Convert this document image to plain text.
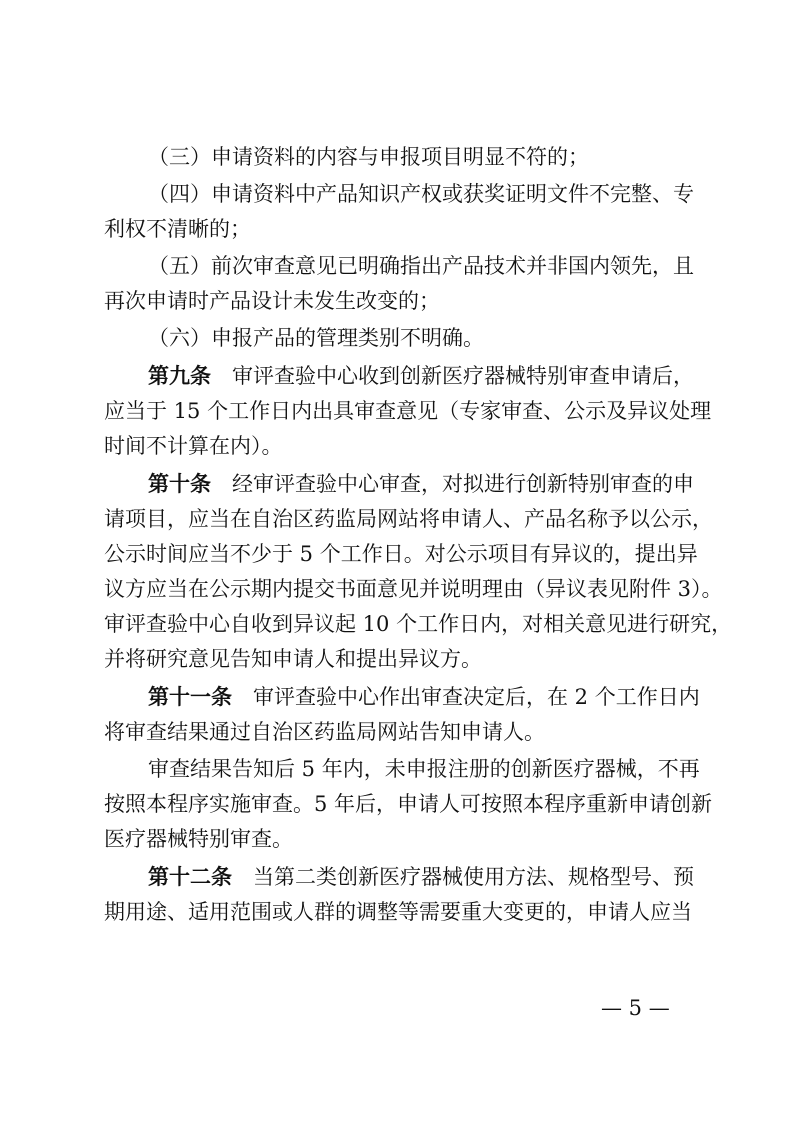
（三）申请资料的内容与申报项目明显不符的；

（四）申请资料中产品知识产权或获奖证明文件不完整、专

利权不清晰的；

（五）前次审查意见已明确指出产品技术并非国内领先，且

再次申请时产品设计未发生改变的；

（六）申报产品的管理类别不明确。

第九条  审评查验中心收到创新医疗器械特别审查申请后，

应当于 15 个工作日内出具审查意见（专家审查、公示及异议处理

时间不计算在内）。

第十条  经审评查验中心审查，对拟进行创新特别审查的申

请项目，应当在自治区药监局网站将申请人、产品名称予以公示，

公示时间应当不少于 5 个工作日。对公示项目有异议的，提出异

议方应当在公示期内提交书面意见并说明理由（异议表见附件 3）。

审评查验中心自收到异议起 10 个工作日内，对相关意见进行研究，

并将研究意见告知申请人和提出异议方。

第十一条  审评查验中心作出审查决定后，在 2 个工作日内

将审查结果通过自治区药监局网站告知申请人。

审查结果告知后 5 年内，未申报注册的创新医疗器械，不再

按照本程序实施审查。5 年后，申请人可按照本程序重新申请创新

医疗器械特别审查。

第十二条  当第二类创新医疗器械使用方法、规格型号、预

期用途、适用范围或人群的调整等需要重大变更的，申请人应当

— 5 —
